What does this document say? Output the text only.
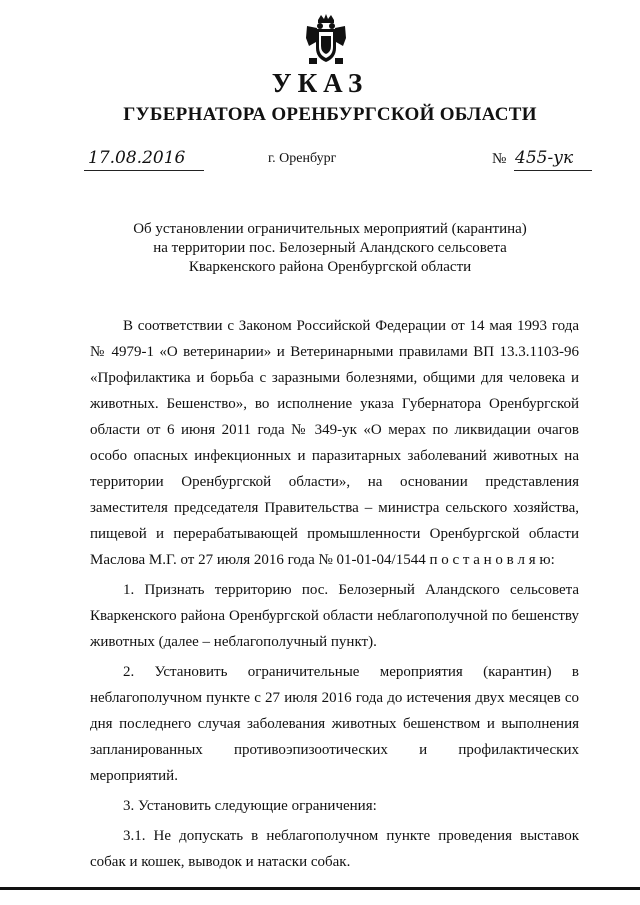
УКАЗ
ГУБЕРНАТОРА ОРЕНБУРГСКОЙ ОБЛАСТИ
17.08.2016	г. Оренбург	№ 455-ук
Об установлении ограничительных мероприятий (карантина)
на территории пос. Белозерный Аландского сельсовета
Кваркенского района Оренбургской области

В соответствии с Законом Российской Федерации от 14 мая 1993 года № 4979-1 «О ветеринарии» и Ветеринарными правилами ВП 13.3.1103-96 «Профилактика и борьба с заразными болезнями, общими для человека и животных. Бешенство», во исполнение указа Губернатора Оренбургской области от 6 июня 2011 года № 349-ук «О мерах по ликвидации очагов особо опасных инфекционных и паразитарных заболеваний животных на территории Оренбургской области», на основании представления заместителя председателя Правительства – министра сельского хозяйства, пищевой и перерабатывающей промышленности Оренбургской области Маслова М.Г. от 27 июля 2016 года № 01-01-04/1544 п о с т а н о в л я ю:

1. Признать территорию пос. Белозерный Аландского сельсовета Кваркенского района Оренбургской области неблагополучной по бешенству животных (далее – неблагополучный пункт).

2. Установить ограничительные мероприятия (карантин) в неблагополучном пункте с 27 июля 2016 года до истечения двух месяцев со дня последнего случая заболевания животных бешенством и выполнения запланированных противоэпизоотических и профилактических мероприятий.

3. Установить следующие ограничения:

3.1. Не допускать в неблагополучном пункте проведения выставок собак и кошек, выводок и натаски собак.
